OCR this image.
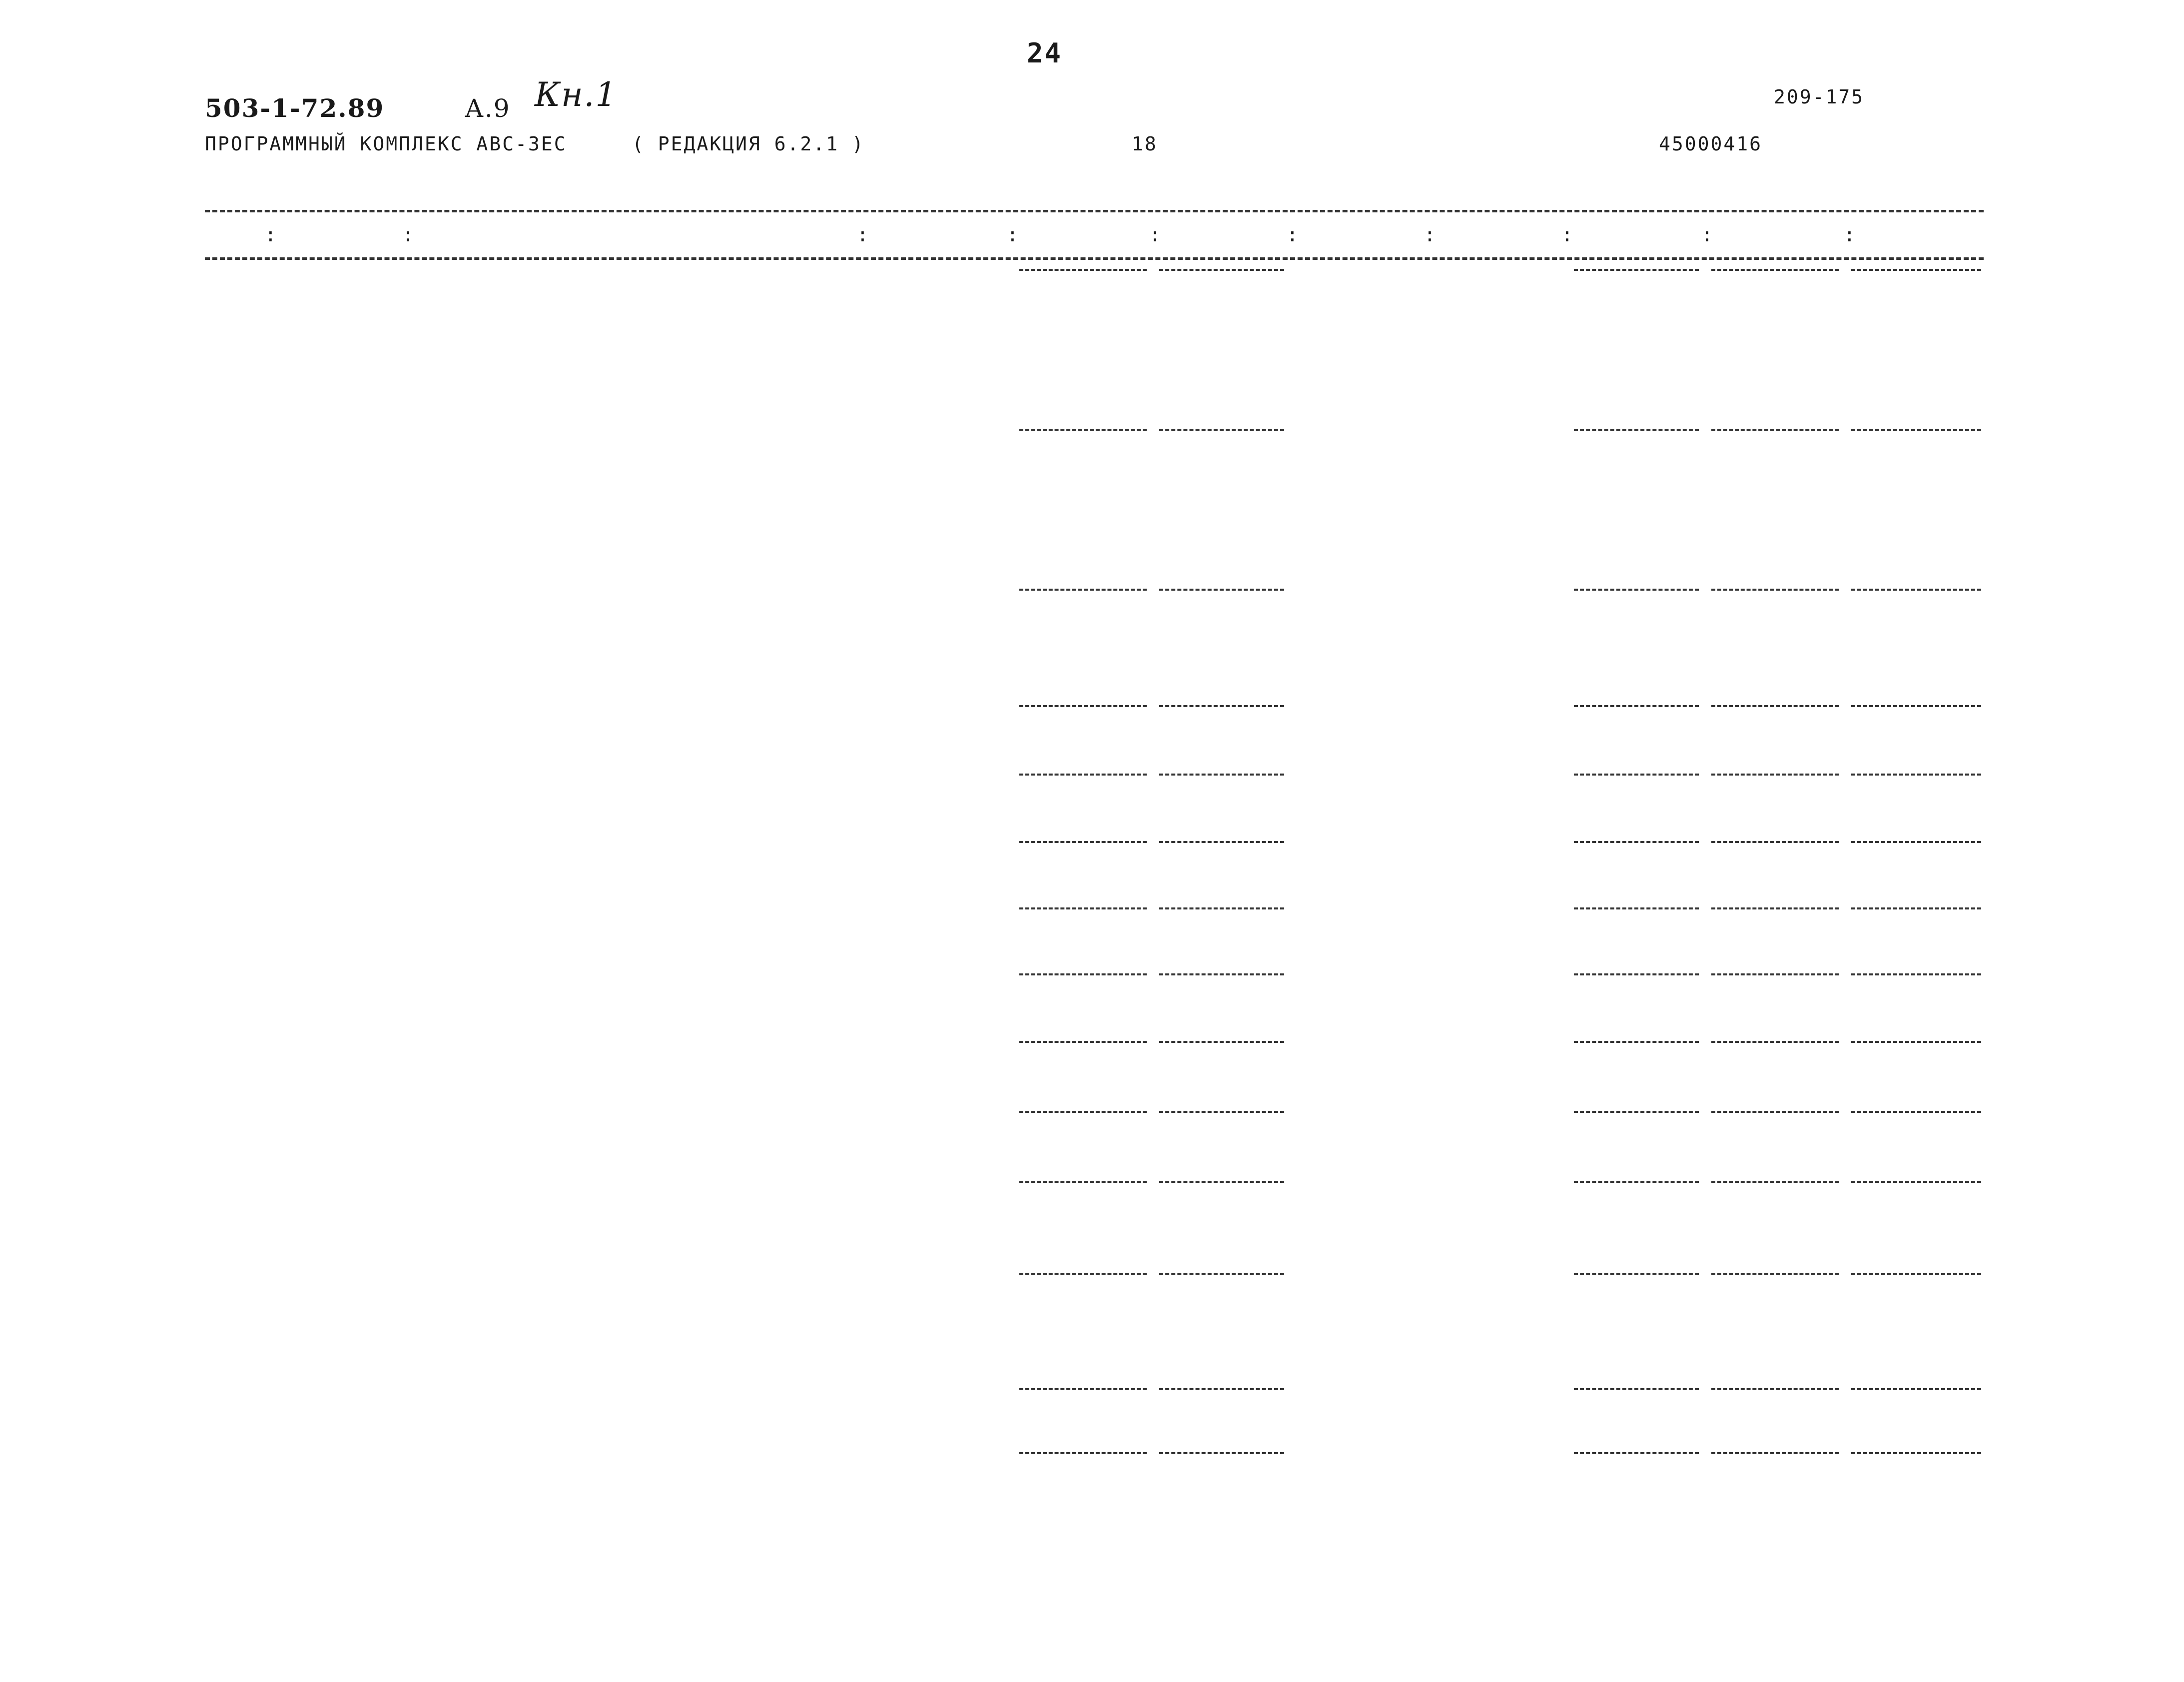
24
503-1-72.89	А.9 Кн.1	209-175
ПРОГРАММНЫЙ КОМПЛЕКС АВС-3ЕС	( РЕДАКЦИЯ 6.2.1 )	18	45000416
:	:	:	:	:	:	:	:	:	:
